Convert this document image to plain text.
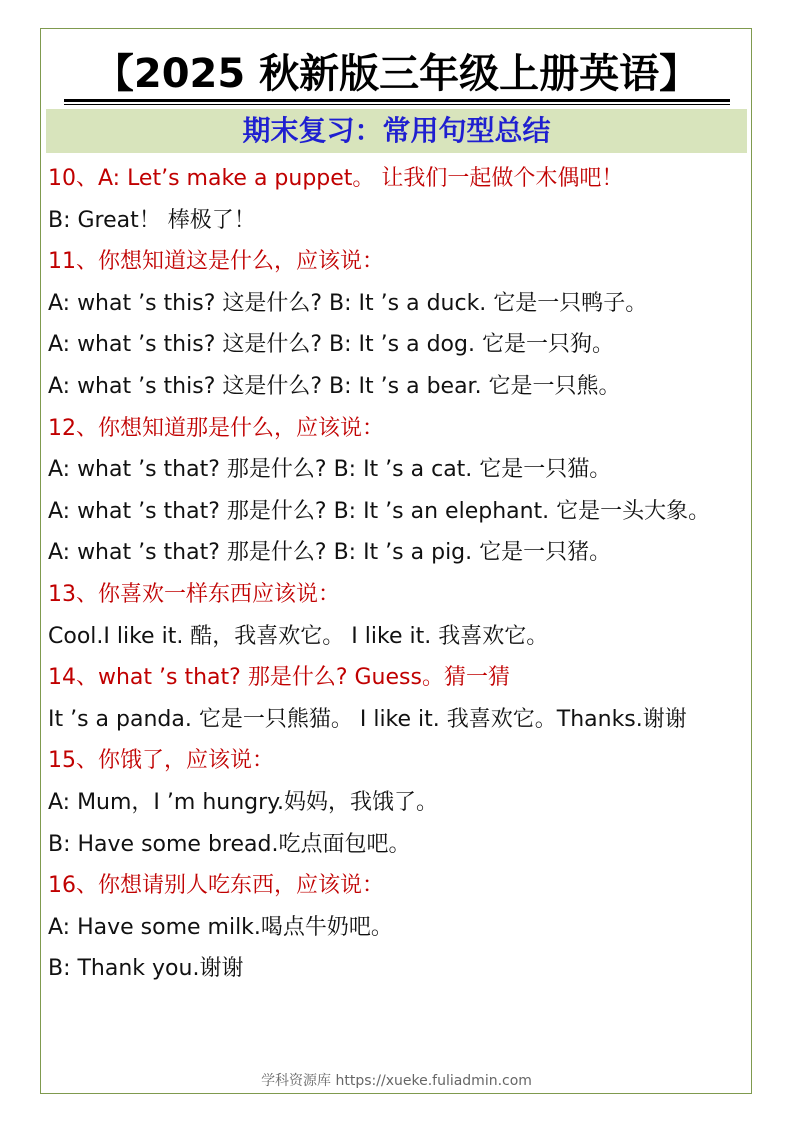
【2025 秋新版三年级上册英语】
期末复习：常用句型总结
10、A: Let’s make a puppet。 让我们一起做个木偶吧！
B: Great！ 棒极了！
11、你想知道这是什么，应该说：
A: what ’s this? 这是什么? B: It ’s a duck. 它是一只鸭子。
A: what ’s this? 这是什么? B: It ’s a dog. 它是一只狗。
A: what ’s this? 这是什么? B: It ’s a bear. 它是一只熊。
12、你想知道那是什么，应该说：
A: what ’s that? 那是什么? B: It ’s a cat. 它是一只猫。
A: what ’s that? 那是什么? B: It ’s an elephant. 它是一头大象。
A: what ’s that? 那是什么? B: It ’s a pig. 它是一只猪。
13、你喜欢一样东西应该说：
Cool.I like it. 酷，我喜欢它。 I like it. 我喜欢它。
14、what ’s that? 那是什么? Guess。猜一猜
It ’s a panda. 它是一只熊猫。 I like it. 我喜欢它。Thanks.谢谢
15、你饿了，应该说：
A: Mum，I ’m hungry.妈妈，我饿了。
B: Have some bread.吃点面包吧。
16、你想请别人吃东西，应该说：
A: Have some milk.喝点牛奶吧。
B: Thank you.谢谢
学科资源库 https://xueke.fuliadmin.com
